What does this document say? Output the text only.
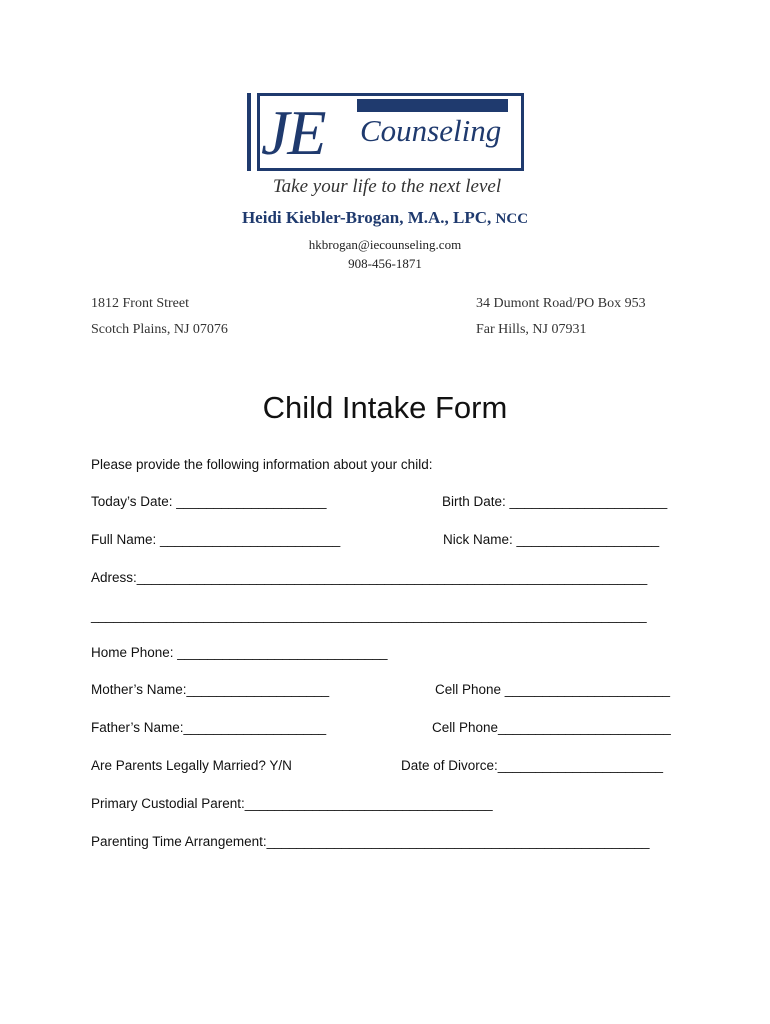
JE Counseling
Take your life to the next level
Heidi Kiebler-Brogan, M.A., LPC, NCC
hkbrogan@iecounseling.com
908-456-1871
1812 Front Street
Scotch Plains, NJ 07076
34 Dumont Road/PO Box 953
Far Hills, NJ 07931
Child Intake Form
Please provide the following information about your child:
Today’s Date: ____________________	Birth Date: _____________________
Full Name: ________________________	Nick Name: ___________________
Adress:____________________________________________________________________
__________________________________________________________________________
Home Phone: ____________________________
Mother’s Name:___________________	Cell Phone ______________________
Father’s Name:___________________	Cell Phone_______________________
Are Parents Legally Married? Y/N	Date of Divorce:______________________
Primary Custodial Parent:_________________________________
Parenting Time Arrangement:___________________________________________________
